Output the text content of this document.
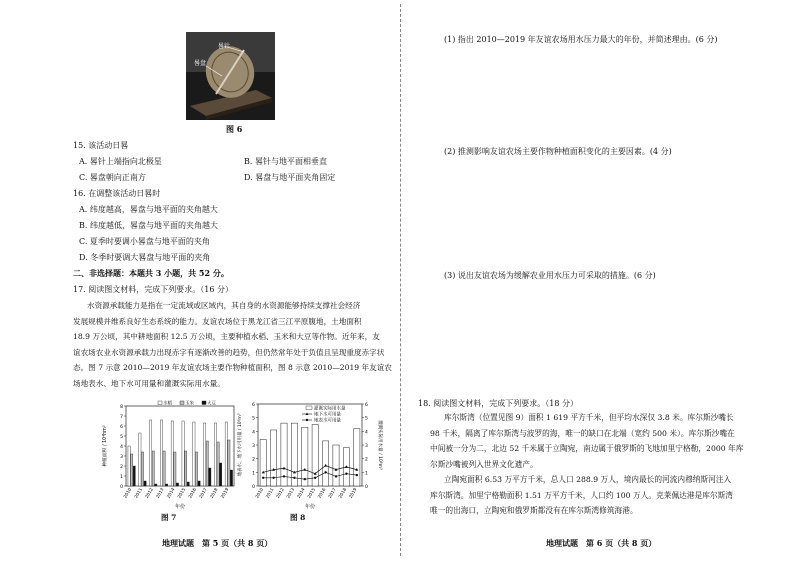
晷针
晷盘
图 6
15. 该活动日晷
A. 晷针上端指向北极星	B. 晷针与地平面相垂直
C. 晷盘朝向正南方	D. 晷盘与地平面夹角固定
16. 在调整该活动日晷时
A. 纬度越高，晷盘与地平面的夹角越大
B. 纬度越低，晷盘与地平面的夹角越大
C. 夏季时要调小晷盘与地平面的夹角
D. 冬季时要调大晷盘与地平面的夹角
二、非选择题：本题共 3 小题，共 52 分。
17. 阅读图文材料，完成下列要求。（16 分）
水资源承载能力是指在一定流域或区域内，其自身的水资源能够持续支撑社会经济
发展规模并维系良好生态系统的能力。友谊农场位于黑龙江省三江平原腹地，土地面积
18.9 万公顷，其中耕地面积 12.5 万公顷，主要种植水稻、玉米和大豆等作物。近年来，友
谊农场农业水资源承载力出现赤字有逐渐改善的趋势，但仍然常年处于负值且呈现重度赤字状
态。图 7 示意 2010—2019 年友谊农场主要作物种植面积，图 8 示意 2010—2019 年友谊农
场地表水、地下水可用量和灌溉实际用水量。
0
1
2
3
4
5
6
7
8
2010 2011 2012 2013 2014 2015 2016 2017 2018 2019
水稻	玉米	大豆
种植面积 / 10⁴hm²
年份
图 7
0
1
2
3
4
5
6
0
1
2
3
4
5
6
2010 2011 2012 2013 2014 2015 2016 2017 2018 2019
灌溉实际用水量
地下水可用量
地表水可用量
地表水、地下水可用量 / 10⁸m³	灌溉实际用水量 / 10⁸m³
年份
图 8
地理试题　第 5 页（共 8 页）
(1) 指出 2010—2019 年友谊农场用水压力最大的年份，并简述理由。(6 分)
(2) 推测影响友谊农场主要作物种植面积变化的主要因素。(4 分)
(3) 说出友谊农场为缓解农业用水压力可采取的措施。(6 分)
18. 阅读图文材料，完成下列要求。（18 分）
库尔斯湾（位置见图 9）面积 1 619 平方千米，但平均水深仅 3.8 米。库尔斯沙嘴长
98 千米，隔离了库尔斯湾与波罗的海，唯一的缺口在北端（宽约 500 米）。库尔斯沙嘴在
中间被一分为二，北边 52 千米属于立陶宛，南边属于俄罗斯的飞地加里宁格勒，2000 年库
尔斯沙嘴被列入世界文化遗产。
立陶宛面积 6.53 万平方千米，总人口 288.9 万人，境内最长的河流内穆纳斯河注入
库尔斯湾。加里宁格勒面积 1.51 万平方千米，人口约 100 万人。克莱佩达港是库尔斯湾
唯一的出海口，立陶宛和俄罗斯都没有在库尔斯湾修筑海港。
地理试题　第 6 页（共 8 页）
